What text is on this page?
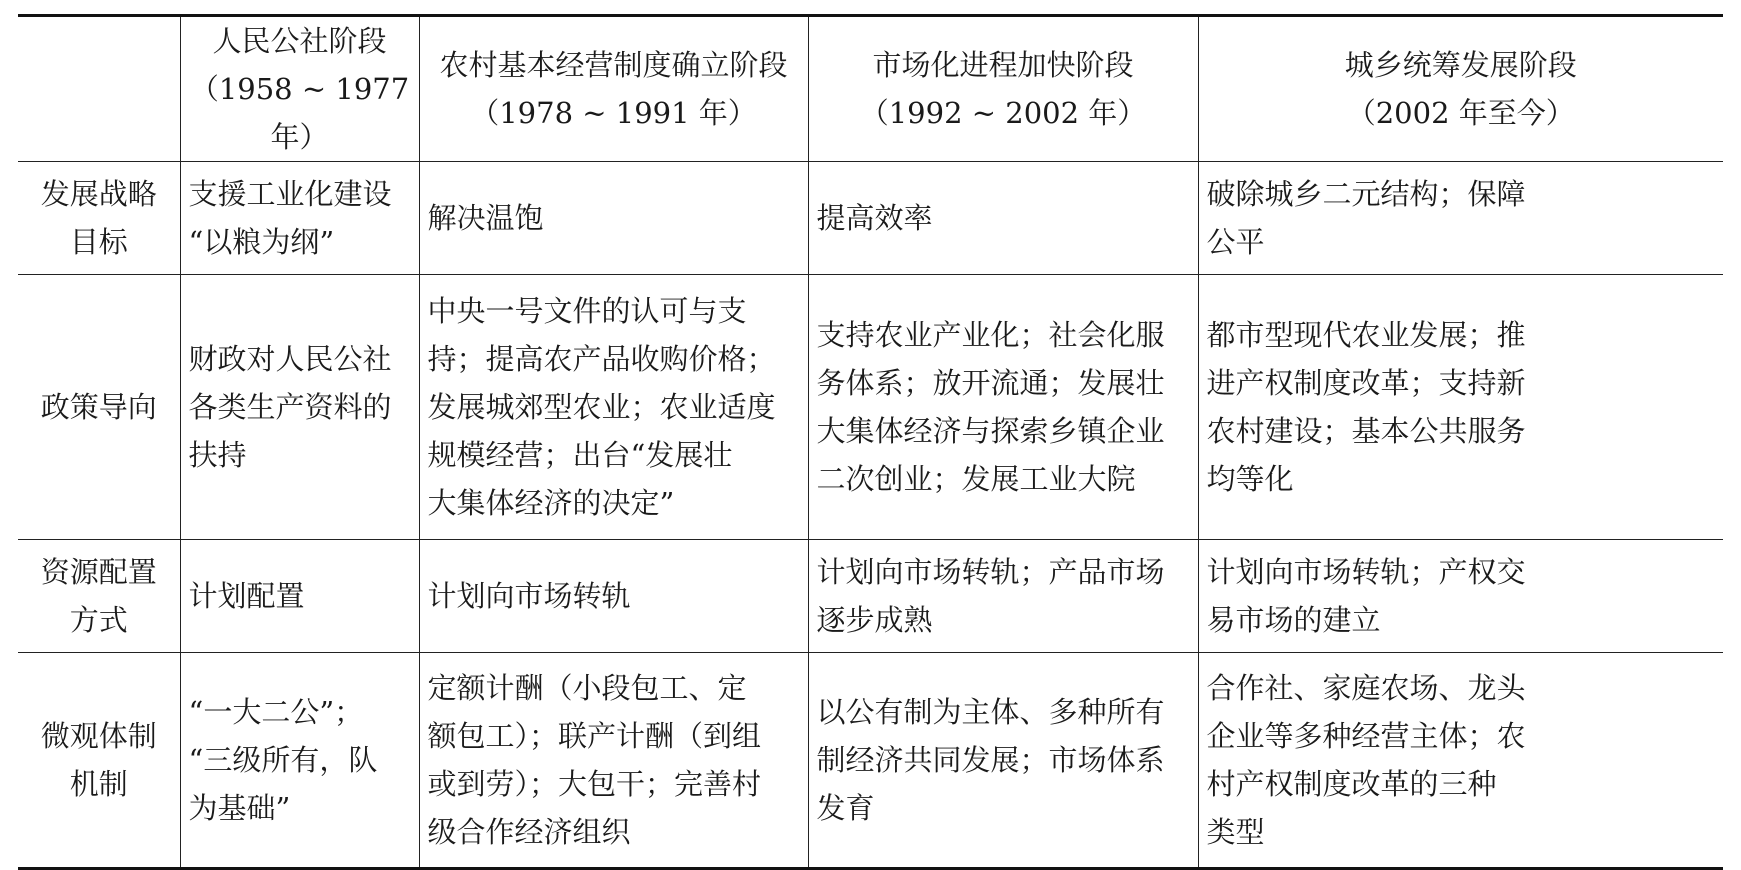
	人民公社阶段
（1958 ~ 1977 年）	农村基本经营制度确立阶段
（1978 ~ 1991 年）	市场化进程加快阶段
（1992 ~ 2002 年）	城乡统筹发展阶段
（2002 年至今）

发展战略
目标	支援工业化建设
“以粮为纲”	解决温饱	提高效率	破除城乡二元结构；保障
公平

政策导向	财政对人民公社
各类生产资料的
扶持	中央一号文件的认可与支
持；提高农产品收购价格；
发展城郊型农业；农业适度
规模经营；出台“发展壮
大集体经济的决定”	支持农业产业化；社会化服
务体系；放开流通；发展壮
大集体经济与探索乡镇企业
二次创业；发展工业大院	都市型现代农业发展；推
进产权制度改革；支持新
农村建设；基本公共服务
均等化

资源配置
方式	计划配置	计划向市场转轨	计划向市场转轨；产品市场
逐步成熟	计划向市场转轨；产权交
易市场的建立

微观体制
机制	“一大二公”；
“三级所有，队
为基础”	定额计酬（小段包工、定
额包工）；联产计酬（到组
或到劳）；大包干；完善村
级合作经济组织	以公有制为主体、多种所有
制经济共同发展；市场体系
发育	合作社、家庭农场、龙头
企业等多种经营主体；农
村产权制度改革的三种
类型
